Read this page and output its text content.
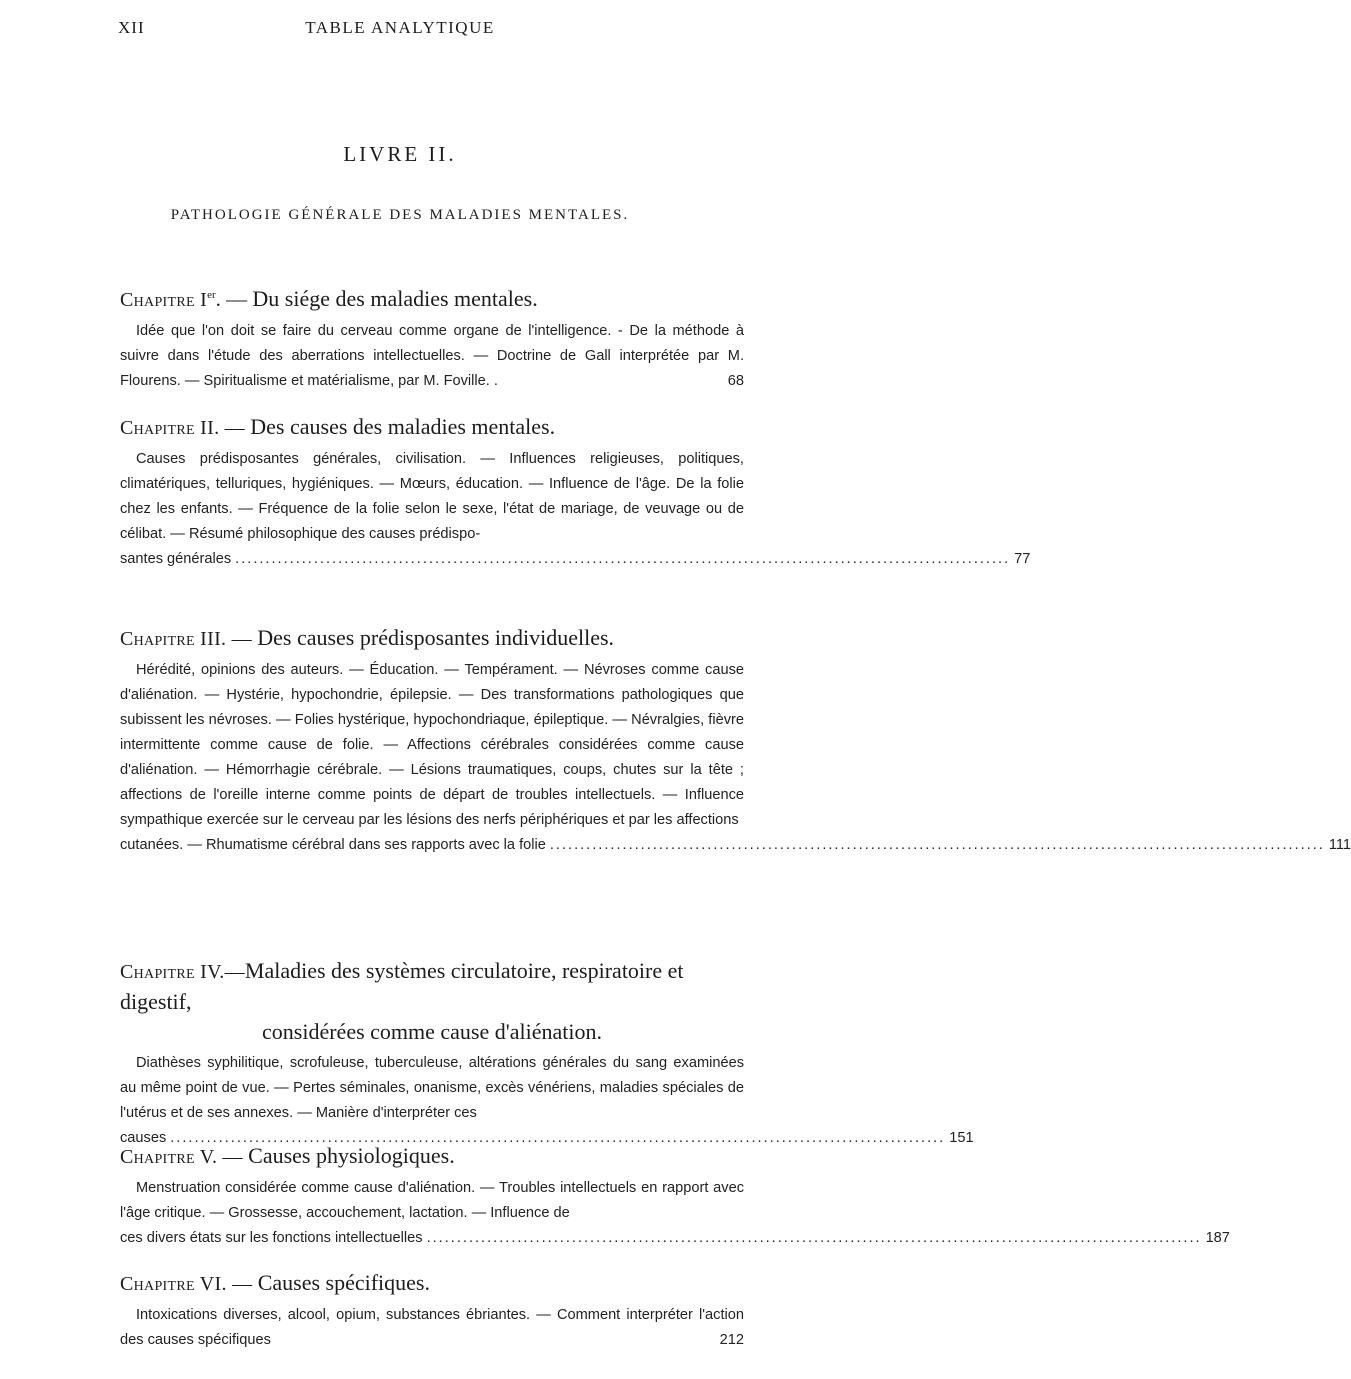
XII	TABLE ANALYTIQUE
LIVRE II.
PATHOLOGIE GÉNÉRALE DES MALADIES MENTALES.
Chapitre Ier. — Du siége des maladies mentales.
Idée que l'on doit se faire du cerveau comme organe de l'intelligence. - De la méthode à suivre dans l'étude des aberrations intellectuelles. — Doctrine de Gall interprétée par M. Flourens. — Spiritualisme et matérialisme, par M. Foville. .	68
Chapitre II. — Des causes des maladies mentales.
Causes prédisposantes générales, civilisation. — Influences religieuses, politiques, climatériques, telluriques, hygiéniques. — Mœurs, éducation. — Influence de l'âge. De la folie chez les enfants. — Fréquence de la folie selon le sexe, l'état de mariage, de veuvage ou de célibat. — Résumé philosophique des causes prédispo-
santes générales ................................................................................................................................ 77
Chapitre III. — Des causes prédisposantes individuelles.
Hérédité, opinions des auteurs. — Éducation. — Tempérament. — Névroses comme cause d'aliénation. — Hystérie, hypochondrie, épilepsie. — Des transformations pathologiques que subissent les névroses. — Folies hystérique, hypochondriaque, épileptique. — Névralgies, fièvre intermittente comme cause de folie. — Affections cérébrales considérées comme cause d'aliénation. — Hémorrhagie cérébrale. — Lésions traumatiques, coups, chutes sur la tête ; affections de l'oreille interne comme points de départ de troubles intellectuels. — Influence sympathique exercée sur le cerveau par les lésions des nerfs périphériques et par les affections
cutanées. — Rhumatisme cérébral dans ses rapports avec la folie ................................................................................................................................ 111
Chapitre IV.—Maladies des systèmes circulatoire, respiratoire et digestif,
considérées comme cause d'aliénation.
Diathèses syphilitique, scrofuleuse, tuberculeuse, altérations générales du sang examinées au même point de vue. — Pertes séminales, onanisme, excès vénériens, maladies spéciales de l'utérus et de ses annexes. — Manière d'interpréter ces
causes ................................................................................................................................ 151
Chapitre V. — Causes physiologiques.
Menstruation considérée comme cause d'aliénation. — Troubles intellectuels en rapport avec l'âge critique. — Grossesse, accouchement, lactation. — Influence de
ces divers états sur les fonctions intellectuelles ................................................................................................................................ 187
Chapitre VI. — Causes spécifiques.
Intoxications diverses, alcool, opium, substances ébriantes. — Comment interpréter l'action des causes spécifiques	212
